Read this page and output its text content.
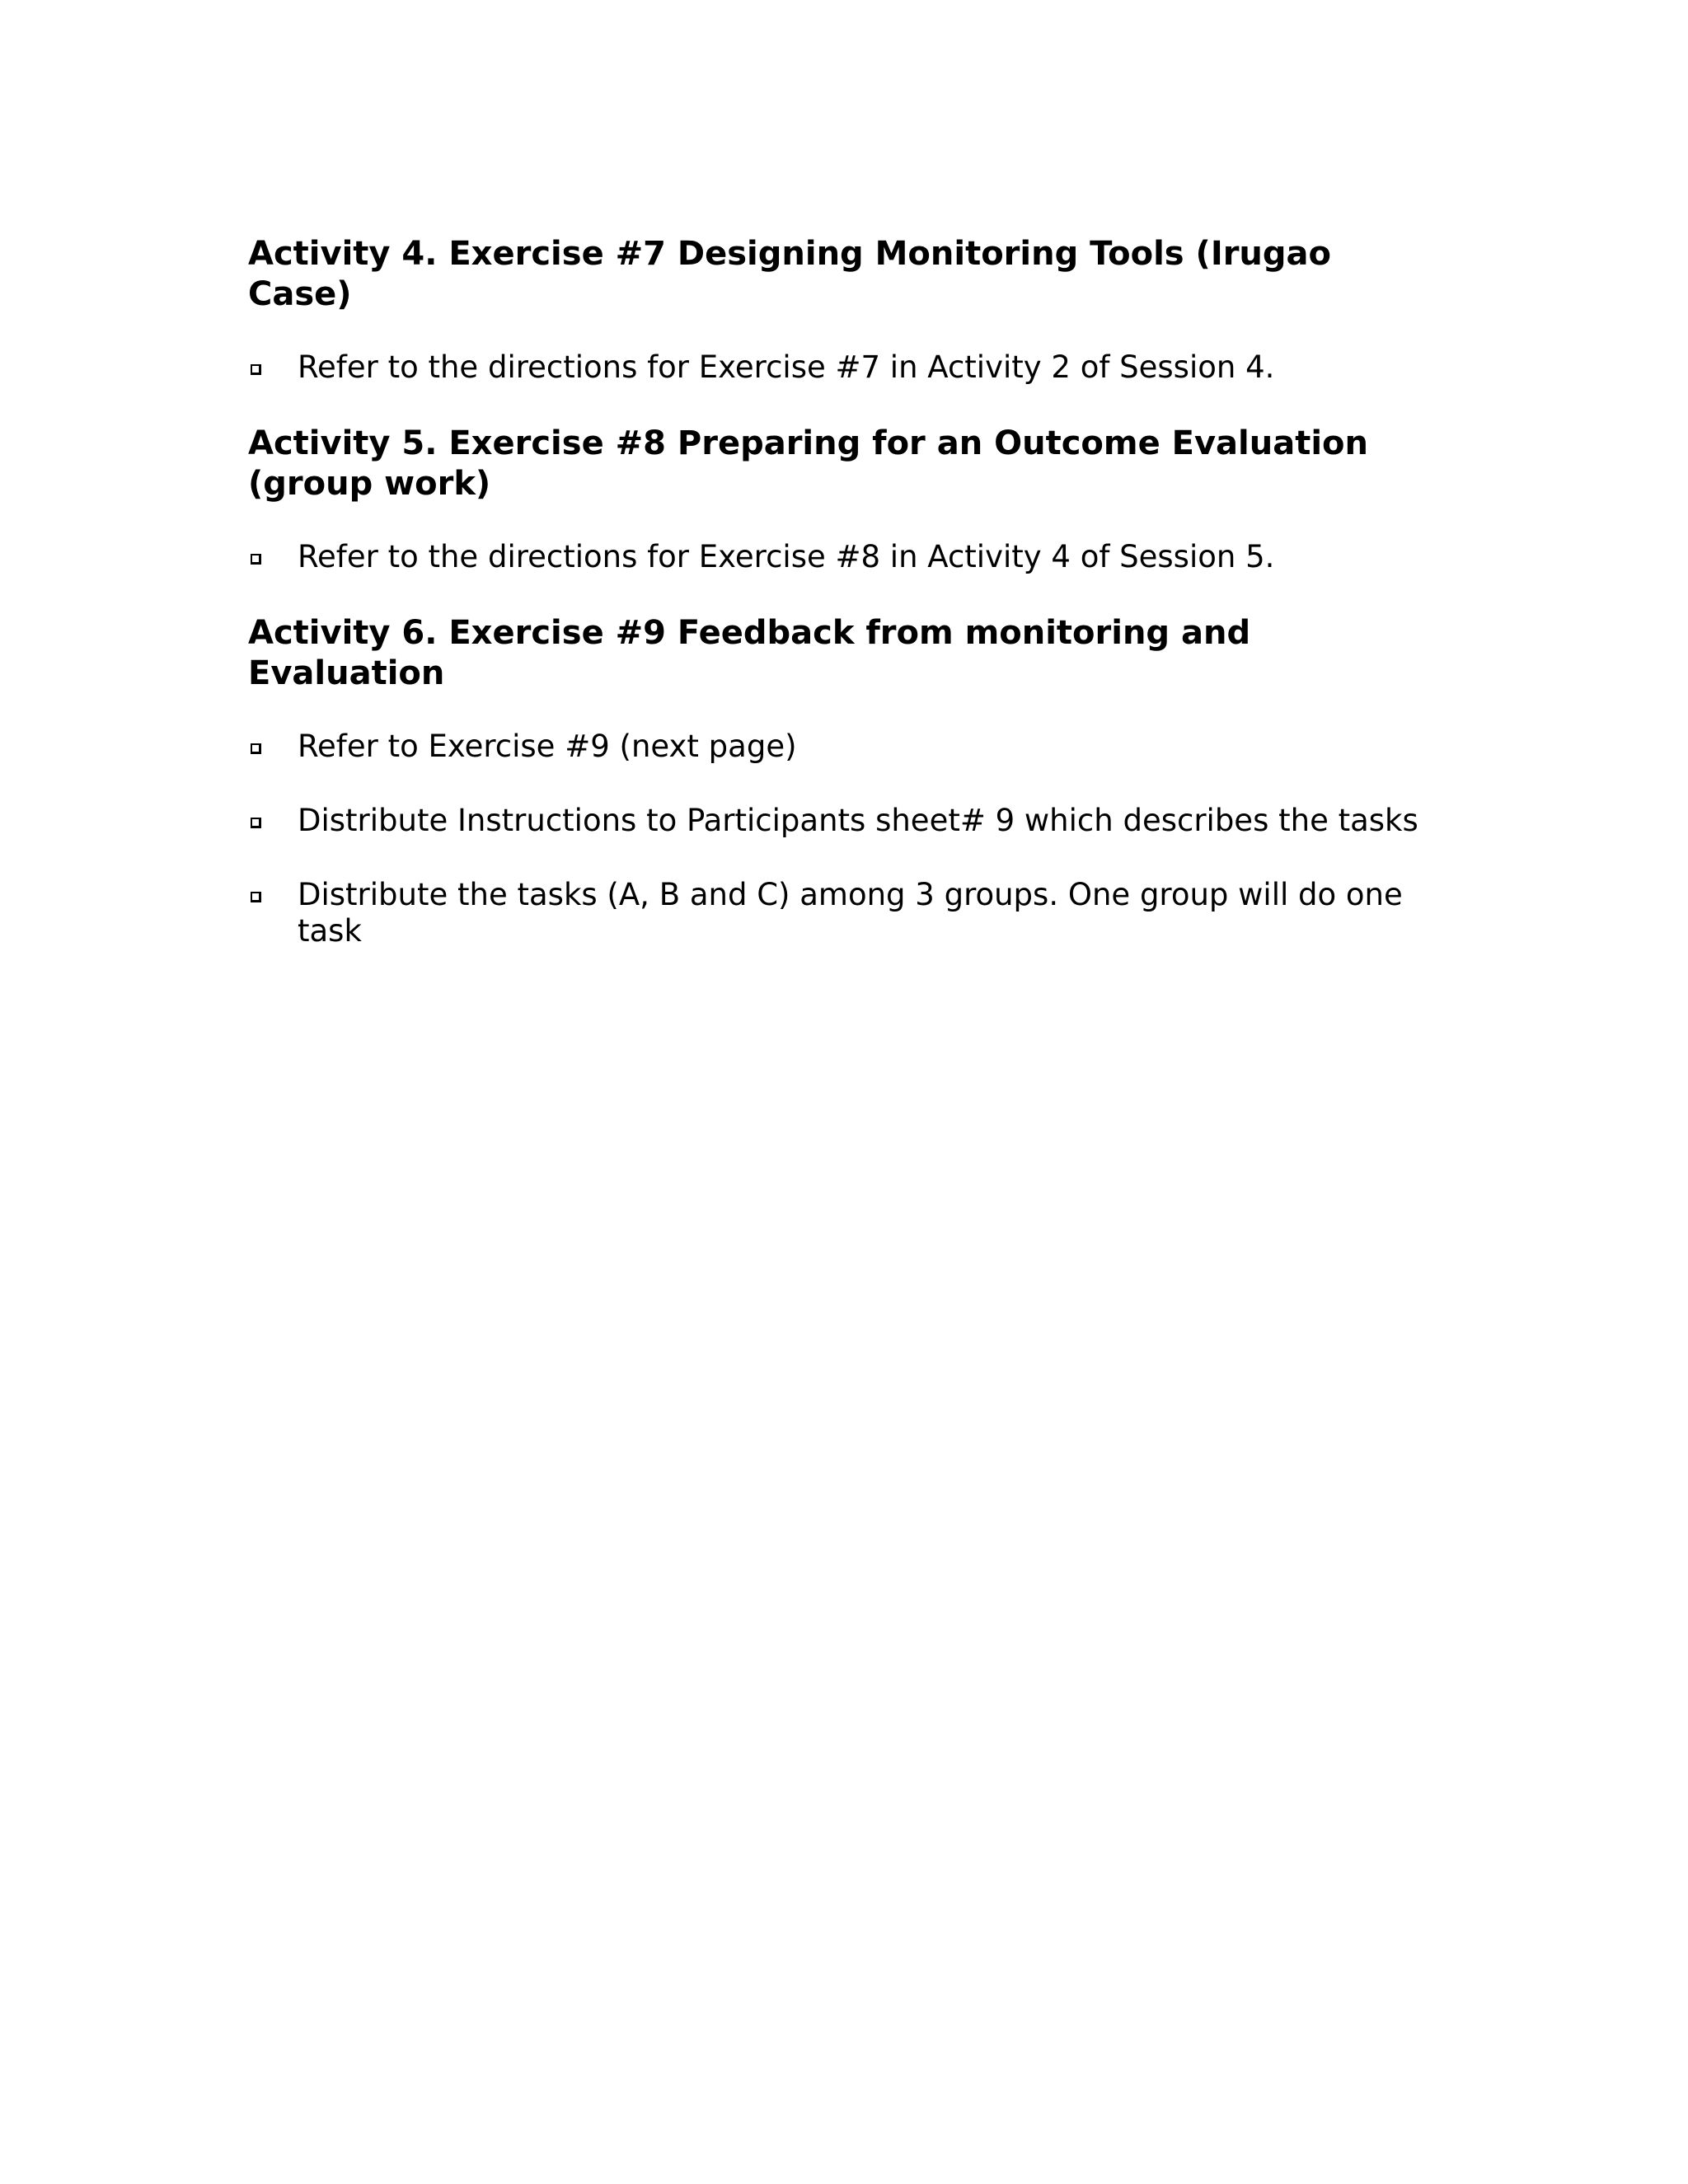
Activity 4. Exercise #7 Designing Monitoring Tools (Irugao Case)
Refer to the directions for Exercise #7 in Activity 2 of Session 4.
Activity 5. Exercise #8 Preparing for an Outcome Evaluation (group work)
Refer to the directions for Exercise #8 in Activity 4 of Session 5.
Activity 6. Exercise #9 Feedback from monitoring and Evaluation
Refer to Exercise #9 (next page)
Distribute Instructions to Participants sheet# 9 which describes the tasks
Distribute the tasks (A, B and C) among 3 groups. One group will do one task
